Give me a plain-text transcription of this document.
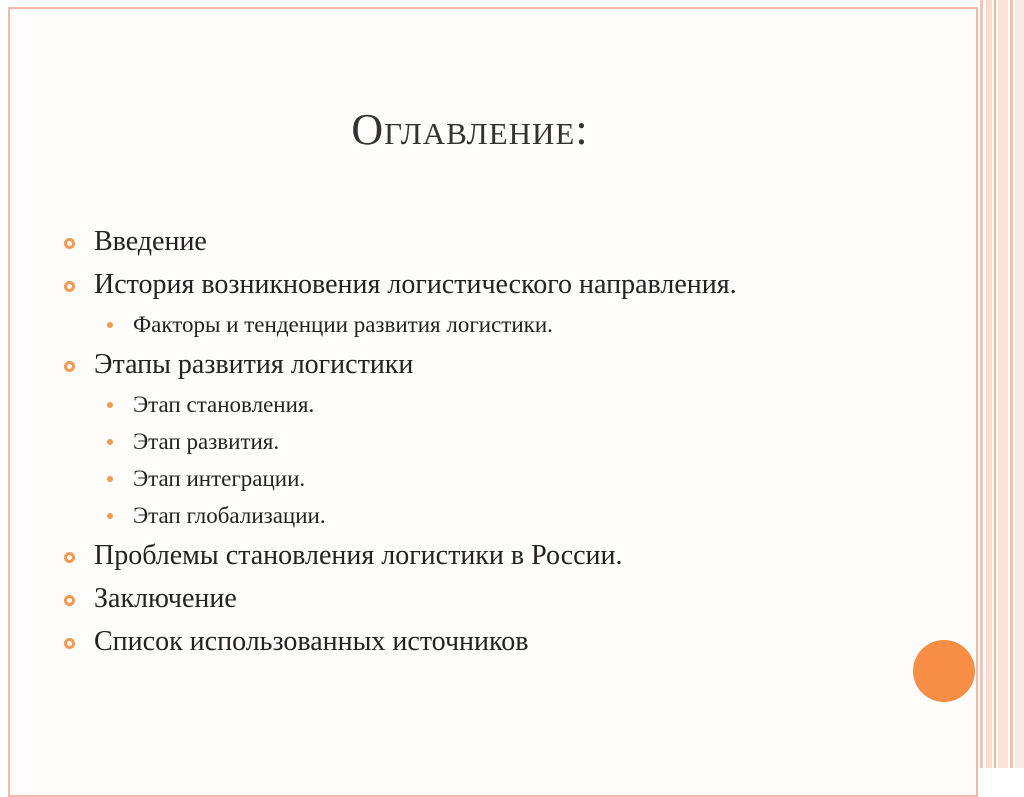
Оглавление:
Введение
История возникновения логистического направления.
Факторы и тенденции развития логистики.
Этапы развития логистики
Этап становления.
Этап развития.
Этап интеграции.
Этап глобализации.
Проблемы становления логистики в России.
Заключение
Список использованных источников
